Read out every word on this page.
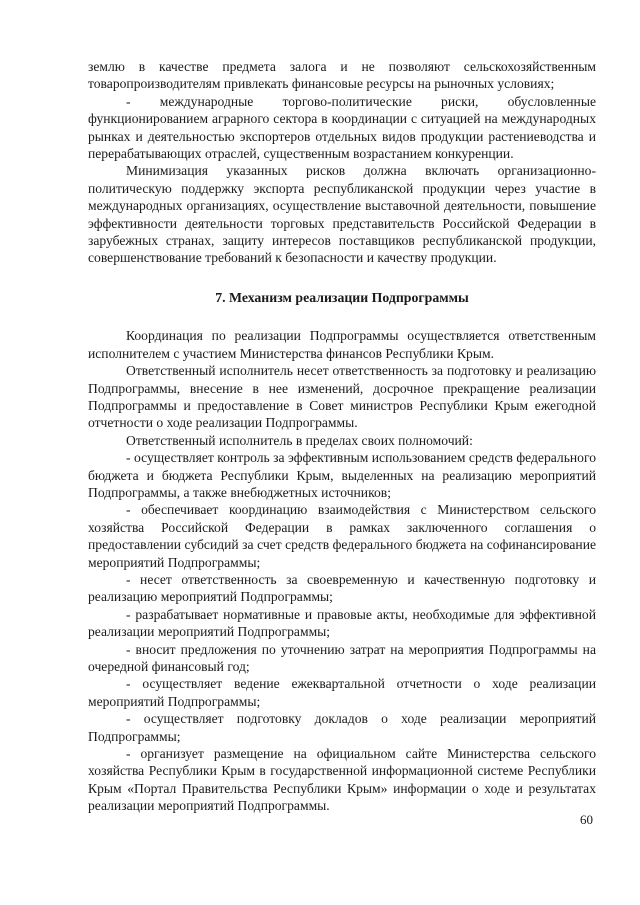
землю в качестве предмета залога и не позволяют сельскохозяйственным товаропроизводителям привлекать финансовые ресурсы на рыночных условиях;

- международные торгово-политические риски, обусловленные функционированием аграрного сектора в координации с ситуацией на международных рынках и деятельностью экспортеров отдельных видов продукции растениеводства и перерабатывающих отраслей, существенным возрастанием конкуренции.

Минимизация указанных рисков должна включать организационно-политическую поддержку экспорта республиканской продукции через участие в международных организациях, осуществление выставочной деятельности, повышение эффективности деятельности торговых представительств Российской Федерации в зарубежных странах, защиту интересов поставщиков республиканской продукции, совершенствование требований к безопасности и качеству продукции.

7. Механизм реализации Подпрограммы

Координация по реализации Подпрограммы осуществляется ответственным исполнителем с участием Министерства финансов Республики Крым.

Ответственный исполнитель несет ответственность за подготовку и реализацию Подпрограммы, внесение в нее изменений, досрочное прекращение реализации Подпрограммы и предоставление в Совет министров Республики Крым ежегодной отчетности о ходе реализации Подпрограммы.

Ответственный исполнитель в пределах своих полномочий:

- осуществляет контроль за эффективным использованием средств федерального бюджета и бюджета Республики Крым, выделенных на реализацию мероприятий Подпрограммы, а также внебюджетных источников;

- обеспечивает координацию взаимодействия с Министерством сельского хозяйства Российской Федерации в рамках заключенного соглашения о предоставлении субсидий за счет средств федерального бюджета на софинансирование мероприятий Подпрограммы;

- несет ответственность за своевременную и качественную подготовку и реализацию мероприятий Подпрограммы;

- разрабатывает нормативные и правовые акты, необходимые для эффективной реализации мероприятий Подпрограммы;

- вносит предложения по уточнению затрат на мероприятия Подпрограммы на очередной финансовый год;

- осуществляет ведение ежеквартальной отчетности о ходе реализации мероприятий Подпрограммы;

- осуществляет подготовку докладов о ходе реализации мероприятий Подпрограммы;

- организует размещение на официальном сайте Министерства сельского хозяйства Республики Крым в государственной информационной системе Республики Крым «Портал Правительства Республики Крым» информации о ходе и результатах реализации мероприятий Подпрограммы.

60
